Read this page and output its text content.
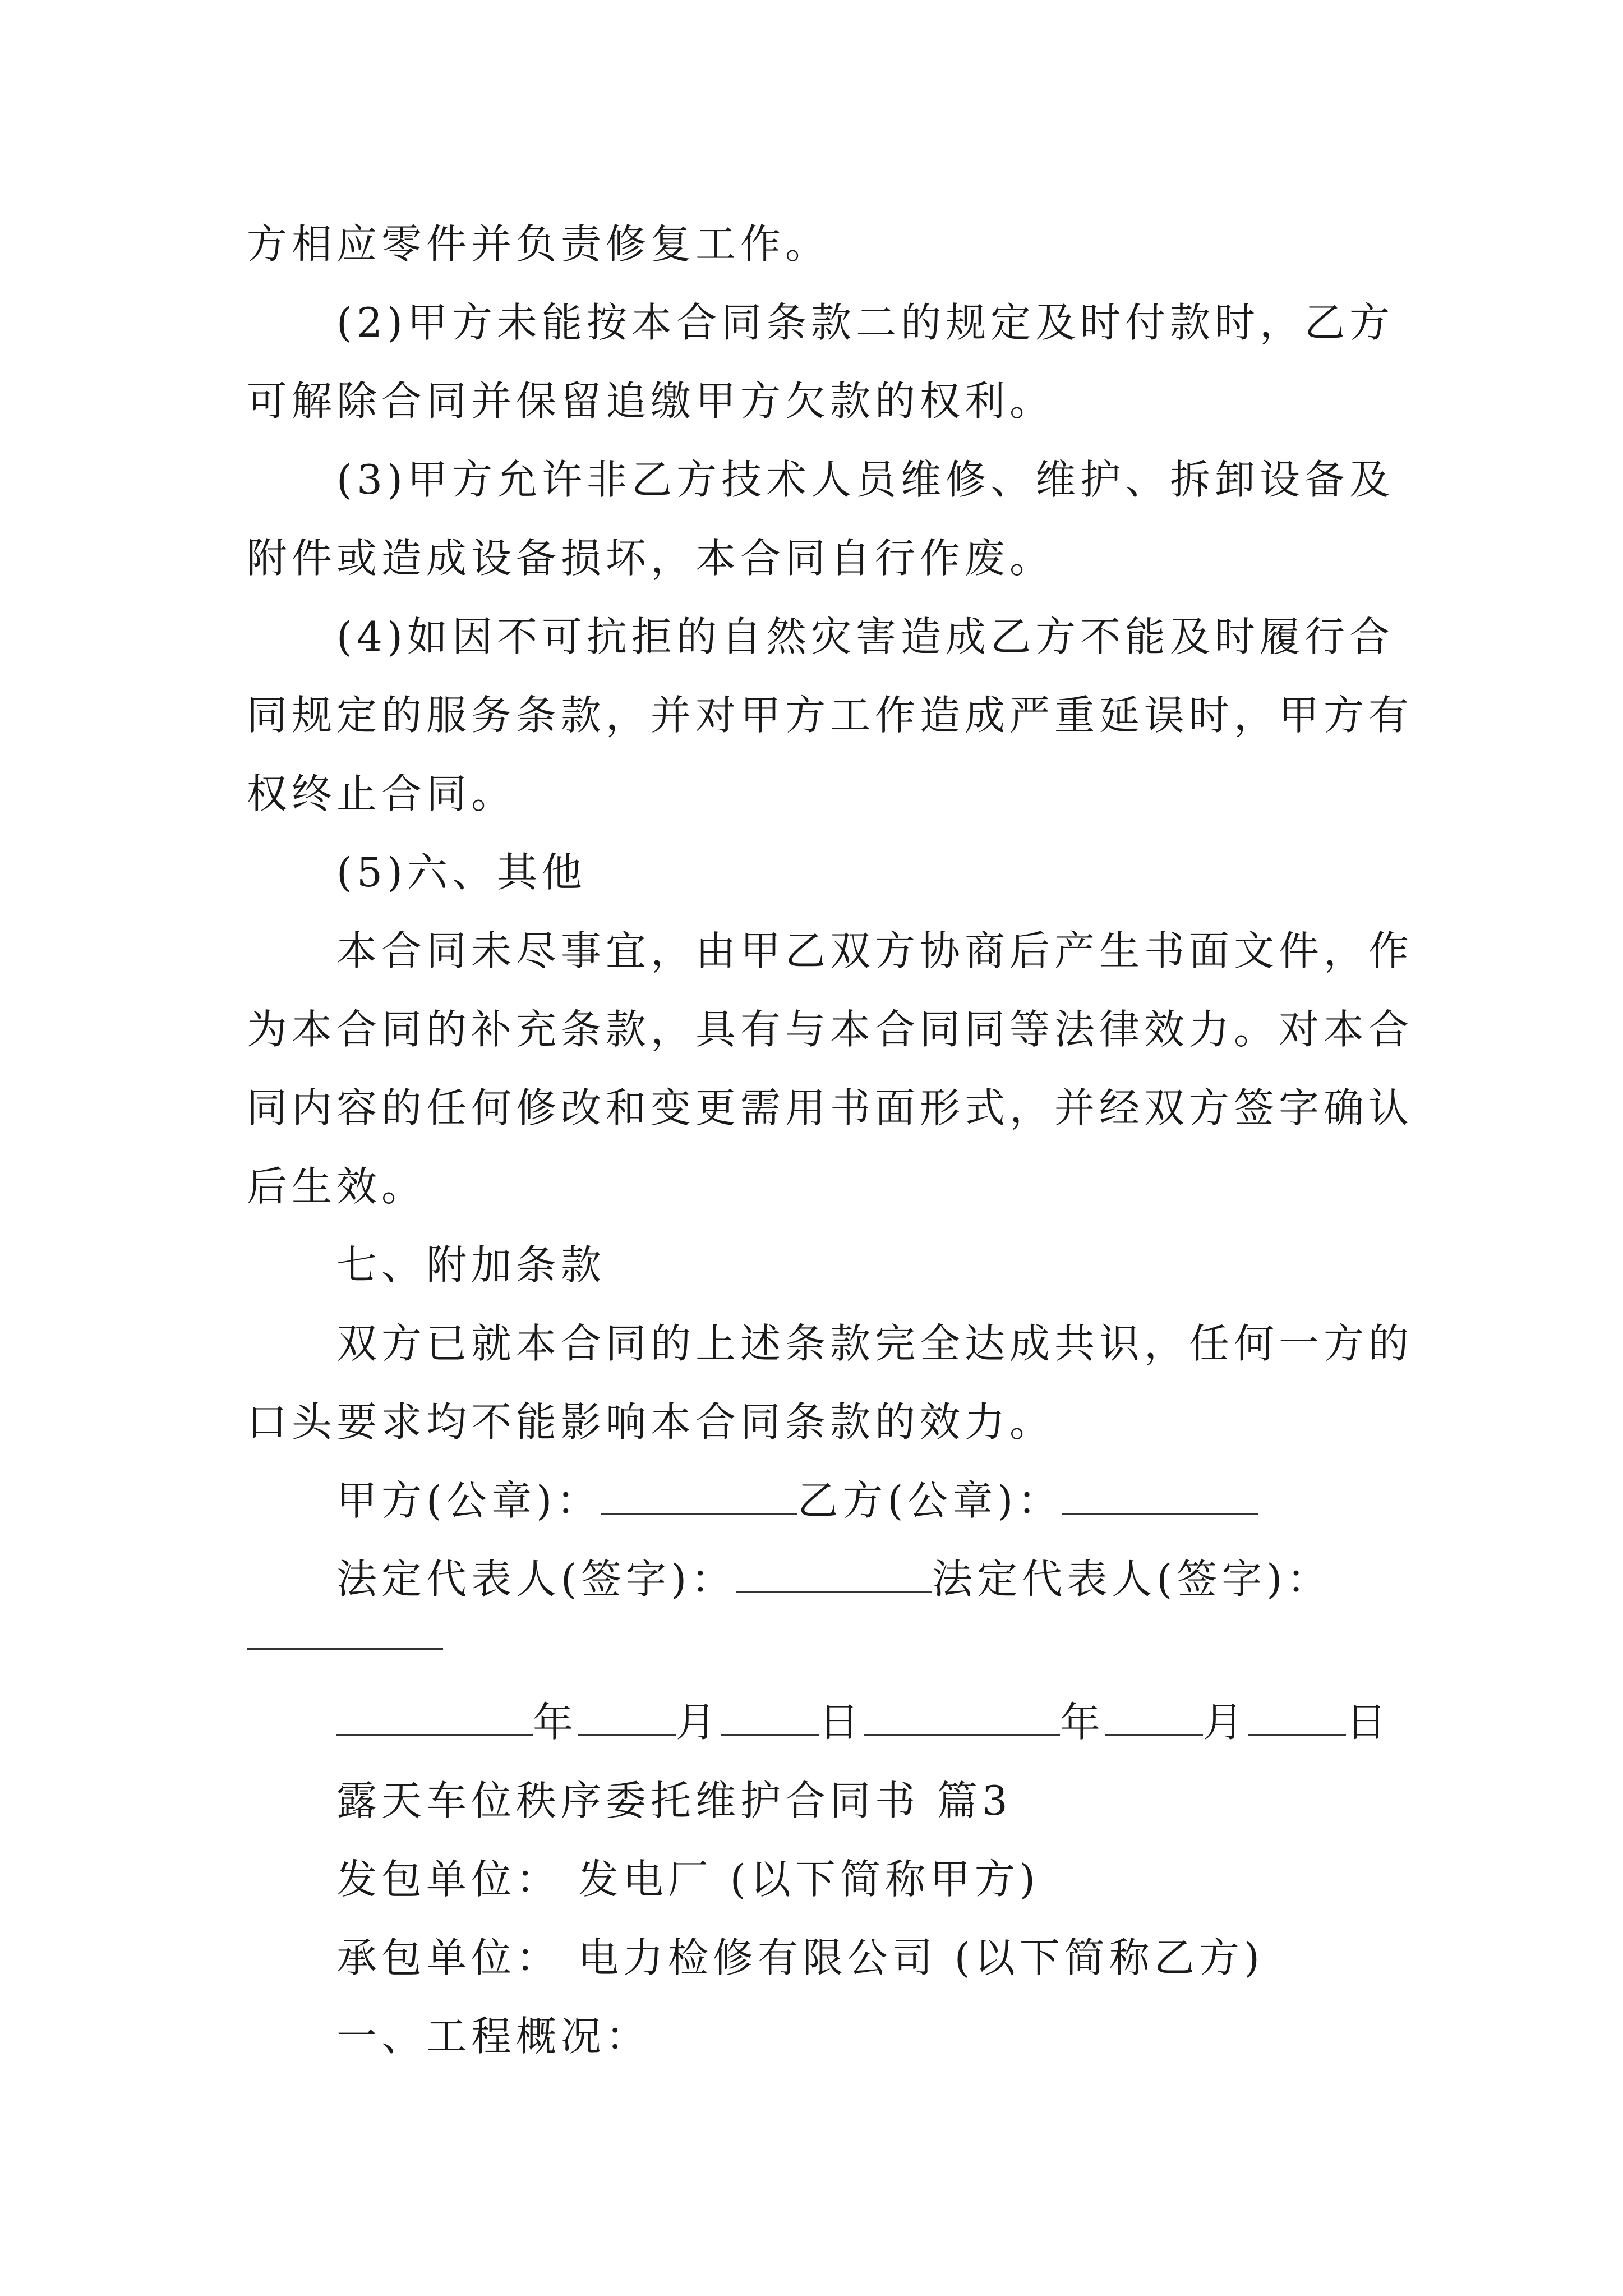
方相应零件并负责修复工作。
(2)甲方未能按本合同条款二的规定及时付款时，乙方
可解除合同并保留追缴甲方欠款的权利。
(3)甲方允许非乙方技术人员维修、维护、拆卸设备及
附件或造成设备损坏，本合同自行作废。
(4)如因不可抗拒的自然灾害造成乙方不能及时履行合
同规定的服务条款，并对甲方工作造成严重延误时，甲方有
权终止合同。
(5)六、其他
本合同未尽事宜，由甲乙双方协商后产生书面文件，作
为本合同的补充条款，具有与本合同同等法律效力。对本合
同内容的任何修改和变更需用书面形式，并经双方签字确认
后生效。
七、附加条款
双方已就本合同的上述条款完全达成共识，任何一方的
口头要求均不能影响本合同条款的效力。
甲方(公章)：	乙方(公章)：
法定代表人(签字)：	法定代表人(签字)：
年 月 日	年 月 日
露天车位秩序委托维护合同书 篇3
发包单位： 发电厂 (以下简称甲方)
承包单位： 电力检修有限公司 (以下简称乙方)
一、工程概况：
